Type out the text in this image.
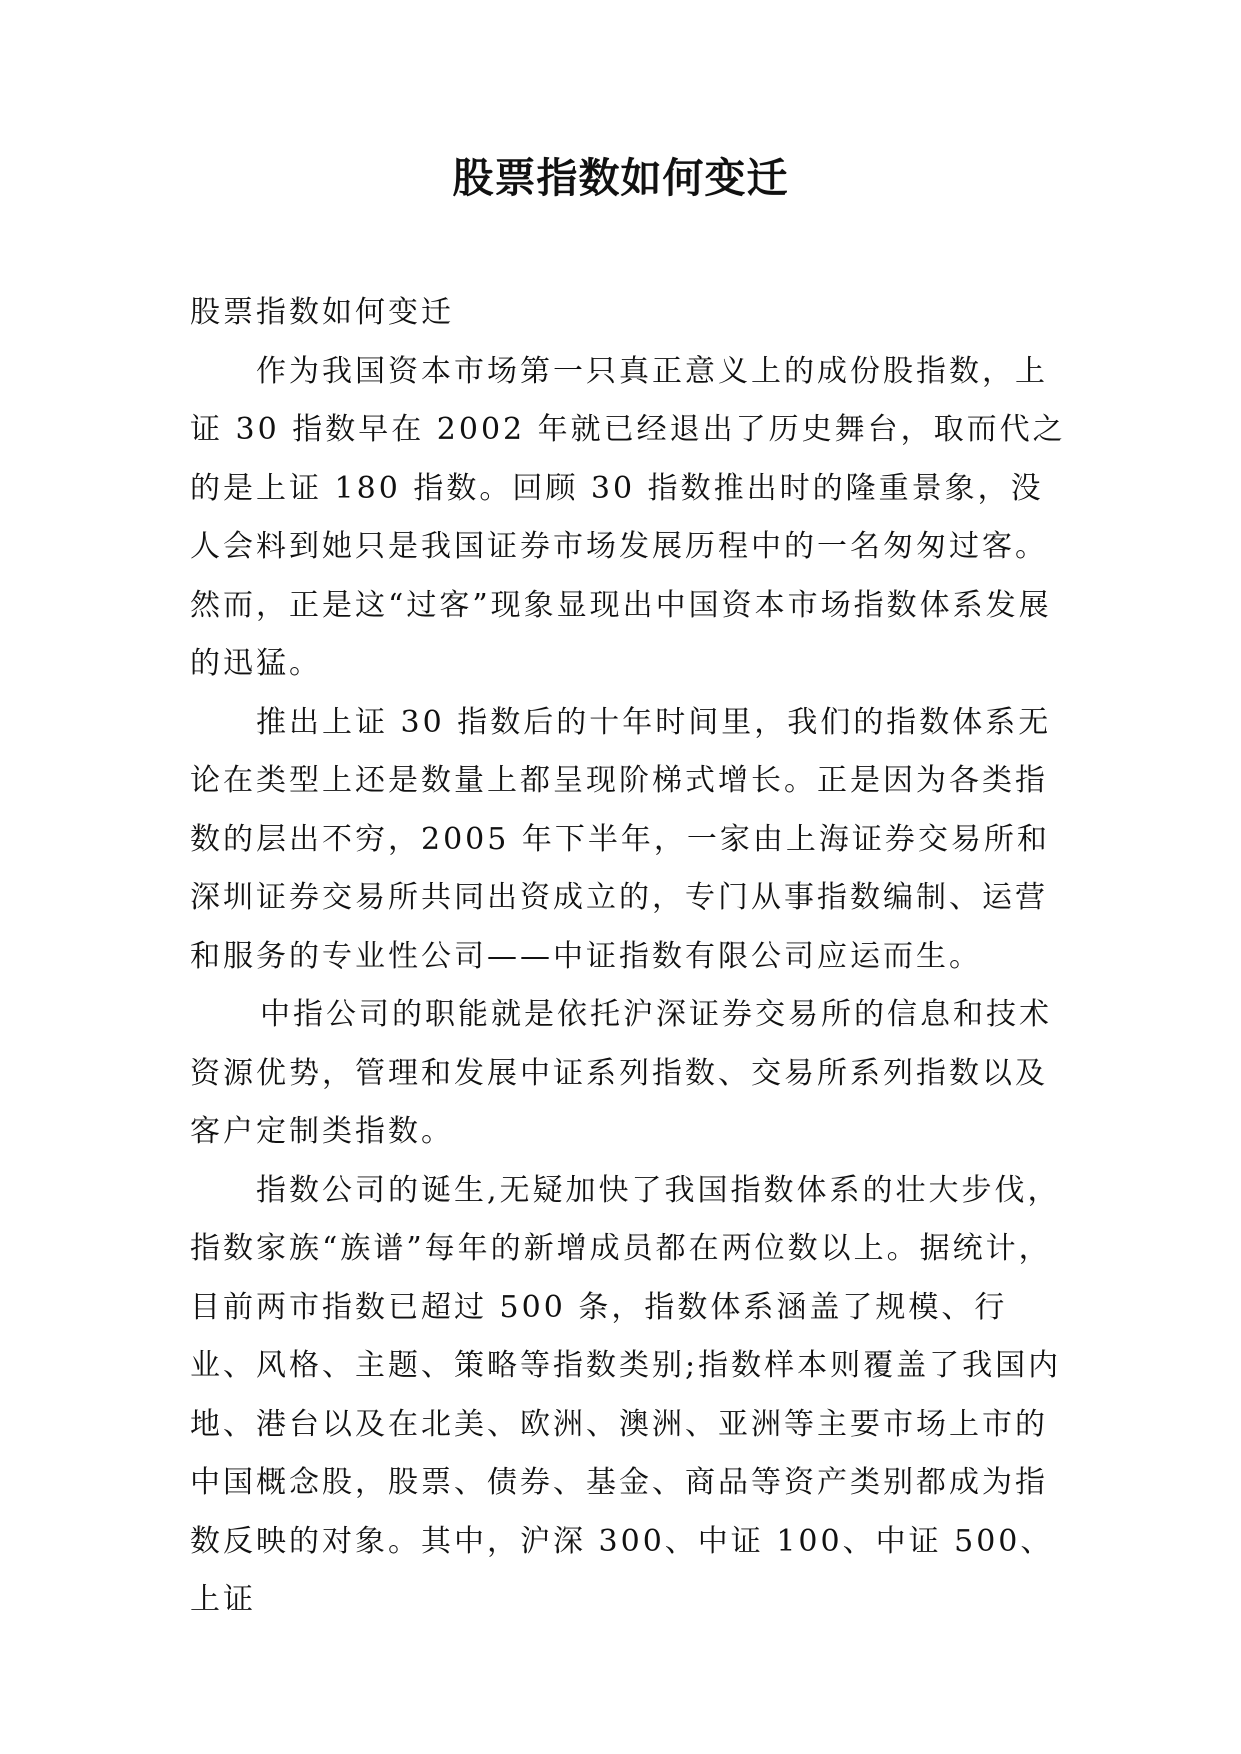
股票指数如何变迁

股票指数如何变迁

作为我国资本市场第一只真正意义上的成份股指数，上证 30 指数早在 2002 年就已经退出了历史舞台，取而代之的是上证 180 指数。回顾 30 指数推出时的隆重景象，没人会料到她只是我国证券市场发展历程中的一名匆匆过客。然而，正是这“过客”现象显现出中国资本市场指数体系发展的迅猛。

推出上证 30 指数后的十年时间里，我们的指数体系无论在类型上还是数量上都呈现阶梯式增长。正是因为各类指数的层出不穷，2005 年下半年，一家由上海证券交易所和深圳证券交易所共同出资成立的，专门从事指数编制、运营和服务的专业性公司——中证指数有限公司应运而生。

中指公司的职能就是依托沪深证券交易所的信息和技术资源优势，管理和发展中证系列指数、交易所系列指数以及客户定制类指数。

指数公司的诞生,无疑加快了我国指数体系的壮大步伐，指数家族“族谱”每年的新增成员都在两位数以上。据统计，目前两市指数已超过 500 条，指数体系涵盖了规模、行业、风格、主题、策略等指数类别;指数样本则覆盖了我国内地、港台以及在北美、欧洲、澳洲、亚洲等主要市场上市的中国概念股，股票、债券、基金、商品等资产类别都成为指数反映的对象。其中，沪深 300、中证 100、中证 500、上证
